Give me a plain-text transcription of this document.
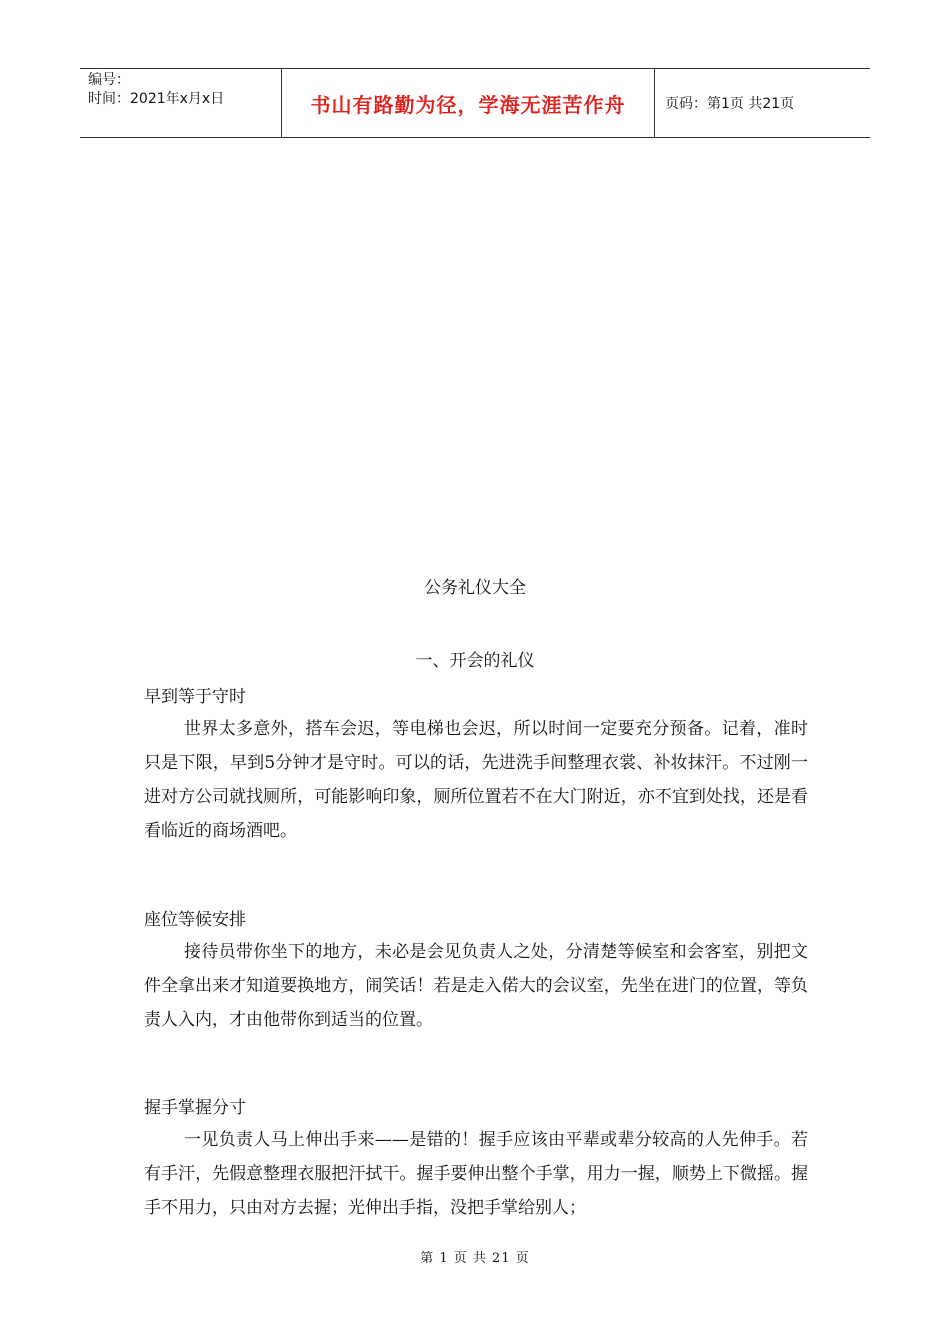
编号：
时间：2021年x月x日	书山有路勤为径，学海无涯苦作舟	页码：第1页 共21页
公务礼仪大全
一、开会的礼仪
早到等于守时
世界太多意外，搭车会迟，等电梯也会迟，所以时间一定要充分预备。记着，准时只是下限，早到5分钟才是守时。可以的话，先进洗手间整理衣裳、补妆抹汗。不过刚一进对方公司就找厕所，可能影响印象，厕所位置若不在大门附近，亦不宜到处找，还是看看临近的商场酒吧。
座位等候安排
接待员带你坐下的地方，未必是会见负责人之处，分清楚等候室和会客室，别把文件全拿出来才知道要换地方，闹笑话！若是走入偌大的会议室，先坐在进门的位置，等负责人入内，才由他带你到适当的位置。
握手掌握分寸
一见负责人马上伸出手来——是错的！握手应该由平辈或辈分较高的人先伸手。若有手汗，先假意整理衣服把汗拭干。握手要伸出整个手掌，用力一握，顺势上下微摇。握手不用力，只由对方去握；光伸出手指，没把手掌给别人；
第 1 页 共 21 页
